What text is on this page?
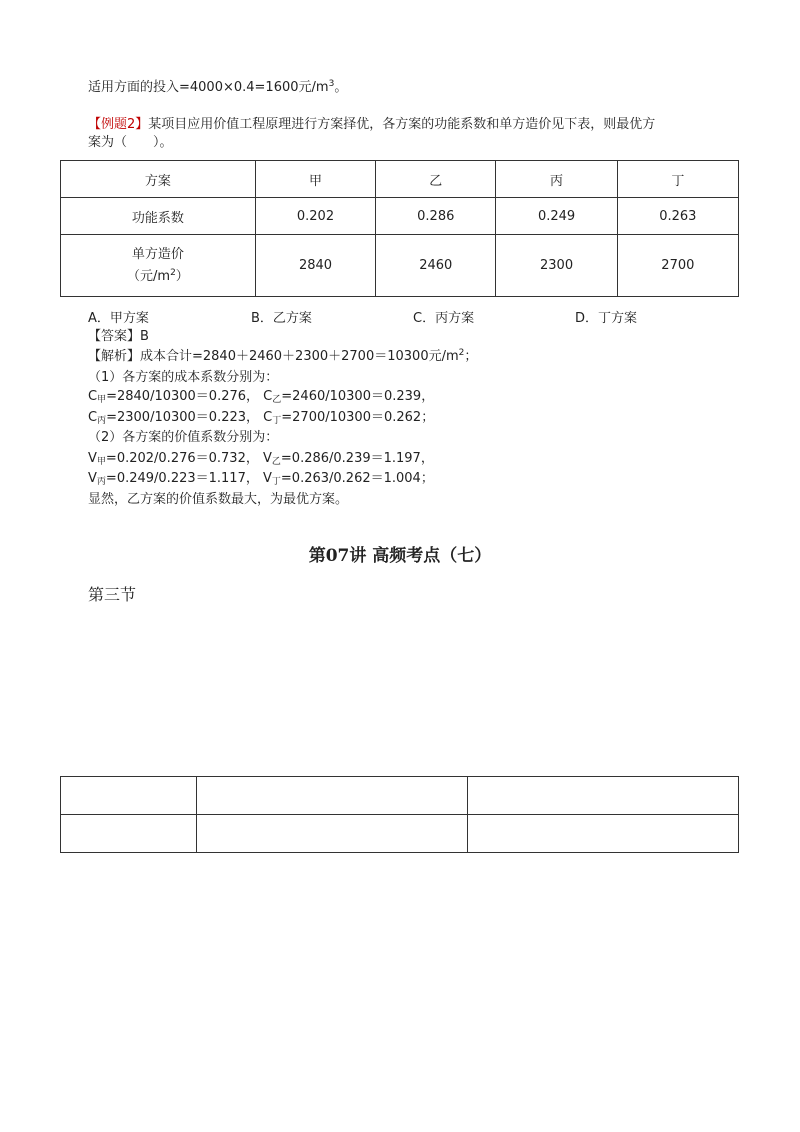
适用方面的投入=4000×0.4=1600元$/m^3$。
【例题2】某项目应用价值工程原理进行方案择优，各方案的功能系数和单方造价见下表，则最优方
案为（　　）。
方案	甲	乙	丙	丁
功能系数	0.202	0.286	0.249	0.263

单方造价
（元$/m^2$）	2840	2460	2300	2700
A．甲方案	B．乙方案	C．丙方案	D．丁方案
【答案】B
【解析】成本合计=2840＋2460＋2300＋2700＝10300元$/m^2$；
（1）各方案的成本系数分别为：
$C_甲=2840/10300=0.276$， $C_乙=2460/10300=0.239$，
$C_丙=2300/10300=0.223$， $C_丁=2700/10300=0.262$；
（2）各方案的价值系数分别为：
$V_甲=0.202/0.276=0.732$， $V_乙=0.286/0.239=1.197$，
$V_丙=0.249/0.223=1.117$， $V_丁=0.263/0.262=1.004$；
显然，乙方案的价值系数最大，为最优方案。
第07讲 高频考点（七）
第三节
